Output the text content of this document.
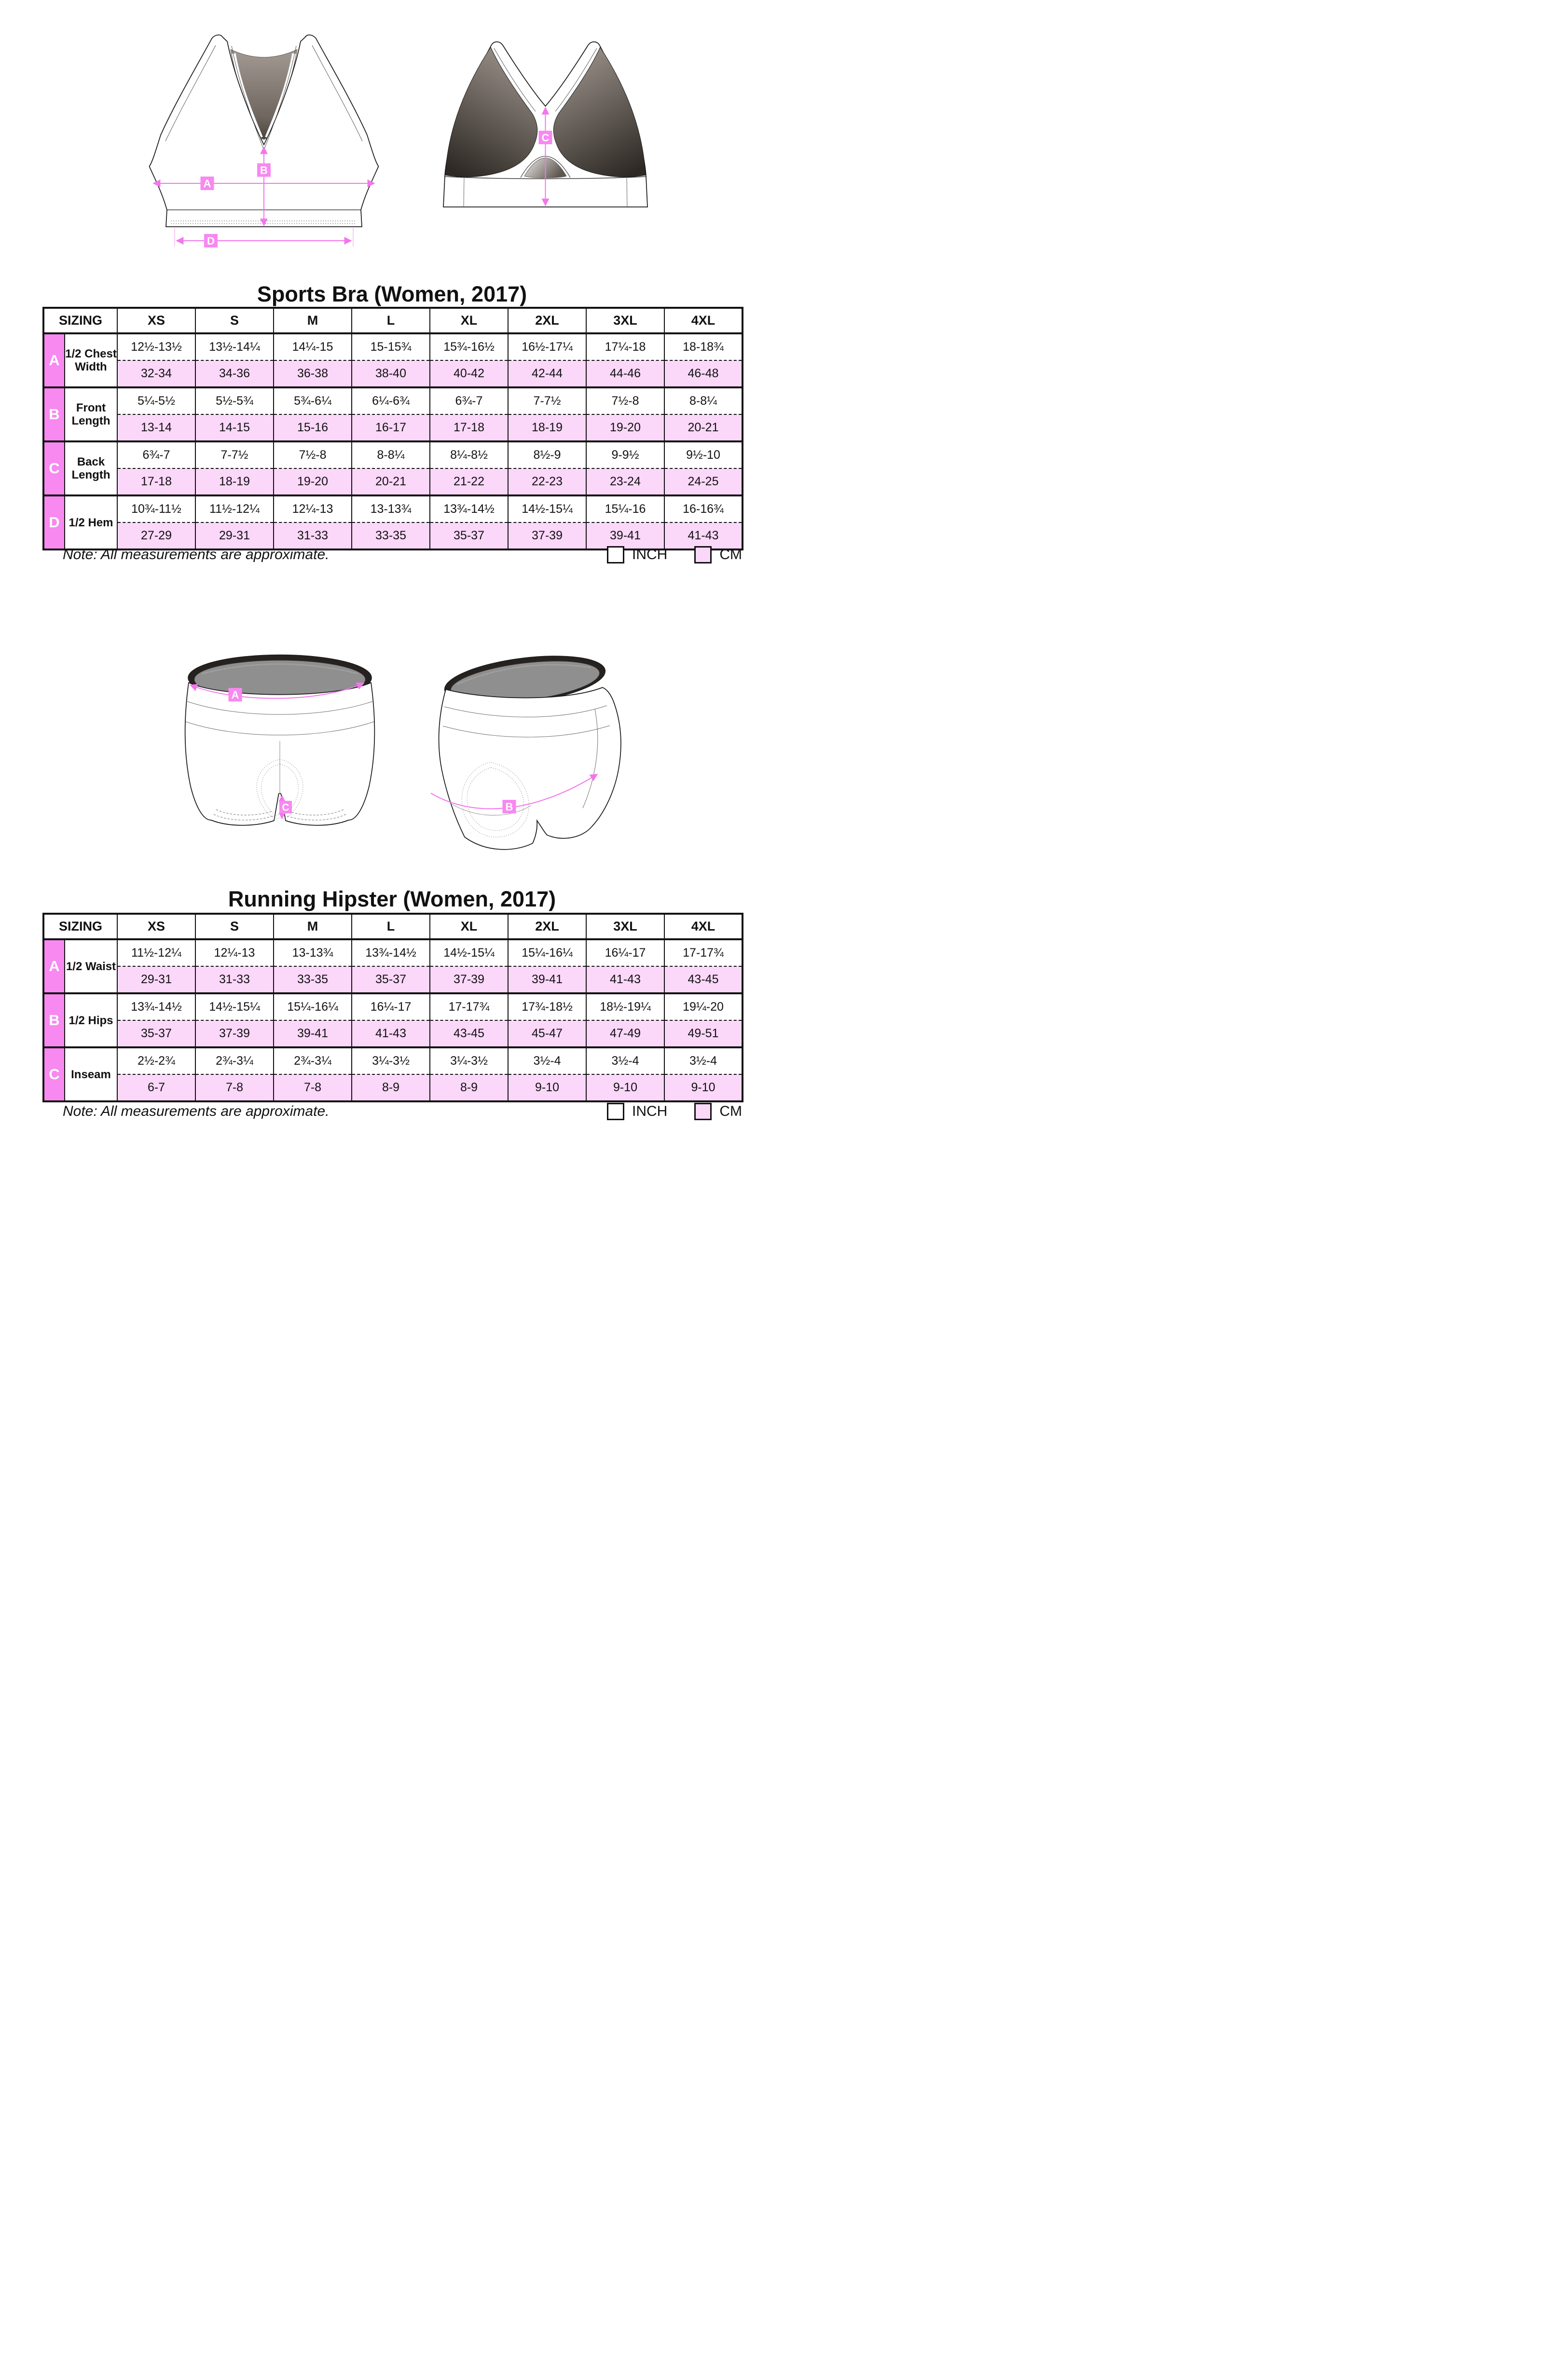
A
B
D
C
Sports Bra (Women, 2017)
SIZING		XS	S	M	L	XL	2XL	3XL	4XL
A	1/2 Chest Width	12½-13½	13½-14¼	14¼-15	15-15¾	15¾-16½	16½-17¼	17¼-18	18-18¾
		32-34	34-36	36-38	38-40	40-42	42-44	44-46	46-48
B	Front Length	5¼-5½	5½-5¾	5¾-6¼	6¼-6¾	6¾-7	7-7½	7½-8	8-8¼
		13-14	14-15	15-16	16-17	17-18	18-19	19-20	20-21
C	Back Length	6¾-7	7-7½	7½-8	8-8¼	8¼-8½	8½-9	9-9½	9½-10
		17-18	18-19	19-20	20-21	21-22	22-23	23-24	24-25
D	1/2 Hem	10¾-11½	11½-12¼	12¼-13	13-13¾	13¾-14½	14½-15¼	15¼-16	16-16¾
		27-29	29-31	31-33	33-35	35-37	37-39	39-41	41-43
Note: All measurements are approximate.	INCH	CM
A
C	B
Running Hipster (Women, 2017)
SIZING		XS	S	M	L	XL	2XL	3XL	4XL
A	1/2 Waist	11½-12¼	12¼-13	13-13¾	13¾-14½	14½-15¼	15¼-16¼	16¼-17	17-17¾
		29-31	31-33	33-35	35-37	37-39	39-41	41-43	43-45
B	1/2 Hips	13¾-14½	14½-15¼	15¼-16¼	16¼-17	17-17¾	17¾-18½	18½-19¼	19¼-20
		35-37	37-39	39-41	41-43	43-45	45-47	47-49	49-51
C	Inseam	2½-2¾	2¾-3¼	2¾-3¼	3¼-3½	3¼-3½	3½-4	3½-4	3½-4
		6-7	7-8	7-8	8-9	8-9	9-10	9-10	9-10
Note: All measurements are approximate.	INCH	CM
